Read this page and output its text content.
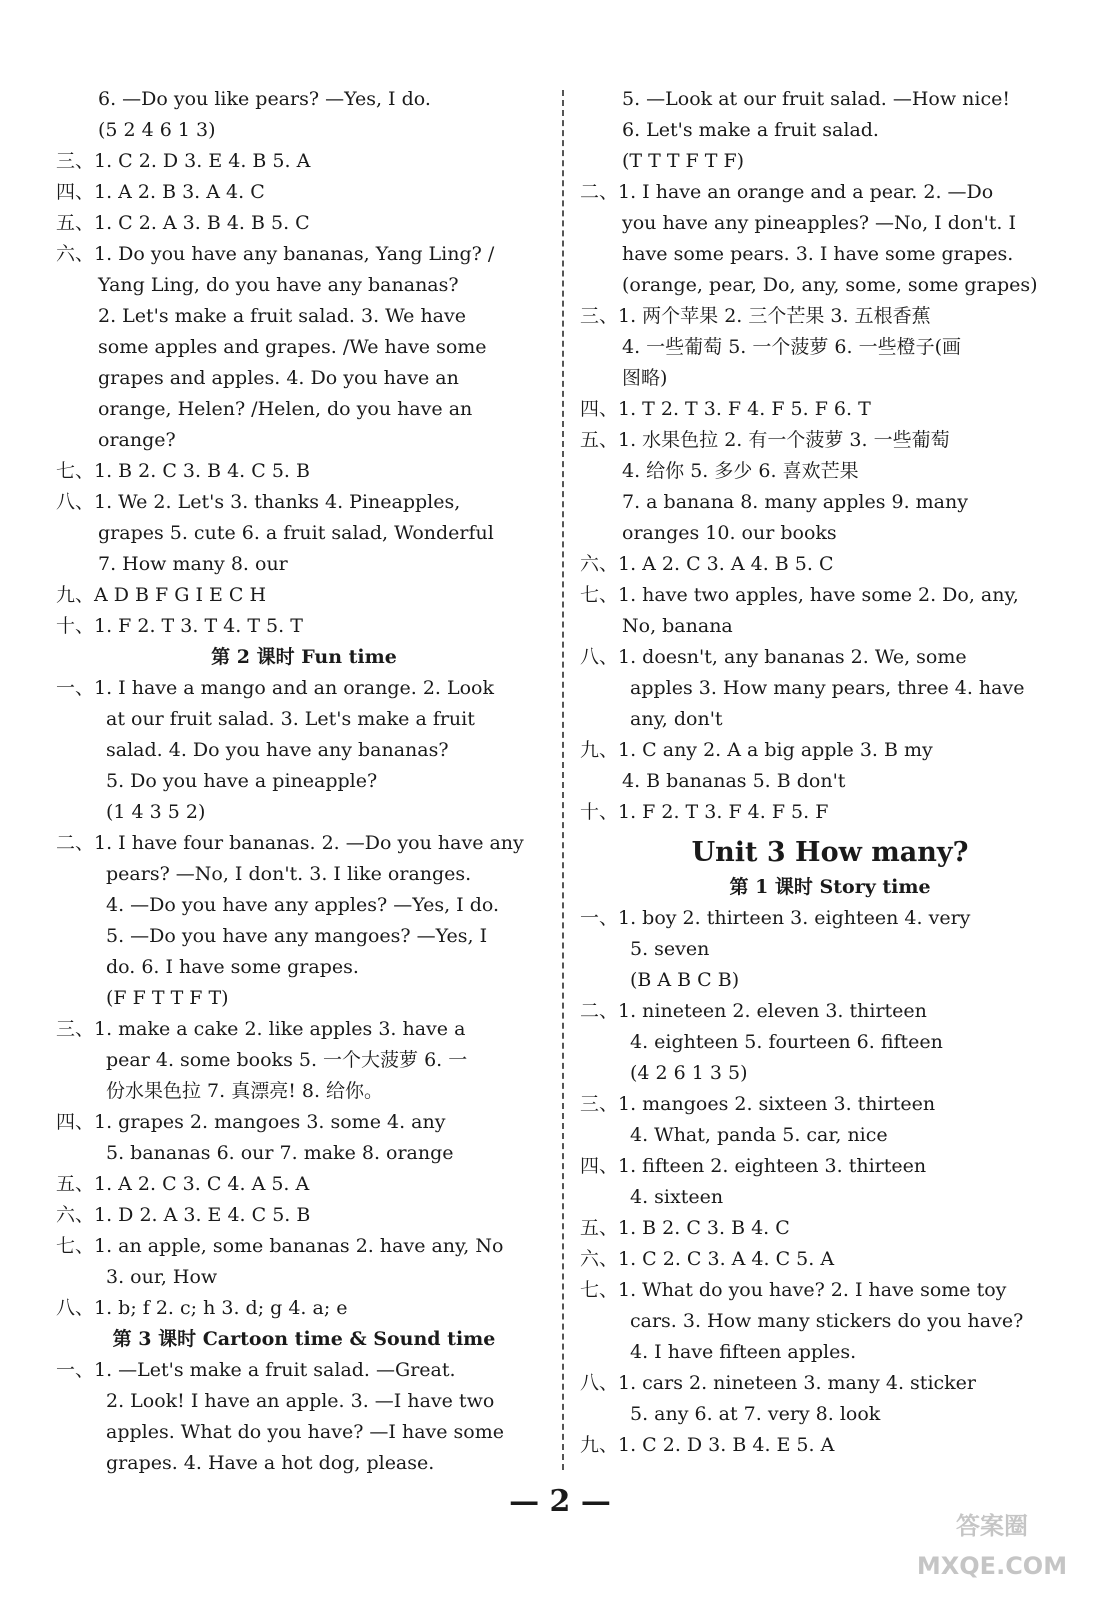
6. —Do you like pears? —Yes, I do.
(5 2 4 6 1 3)
三、1. C 2. D 3. E 4. B 5. A
四、1. A 2. B 3. A 4. C
五、1. C 2. A 3. B 4. B 5. C
六、1. Do you have any bananas, Yang Ling? /
Yang Ling, do you have any bananas?
2. Let's make a fruit salad. 3. We have
some apples and grapes. /We have some
grapes and apples. 4. Do you have an
orange, Helen? /Helen, do you have an
orange?
七、1. B 2. C 3. B 4. C 5. B
八、1. We 2. Let's 3. thanks 4. Pineapples,
grapes 5. cute 6. a fruit salad, Wonderful
7. How many 8. our
九、A D B F G I E C H
十、1. F 2. T 3. T 4. T 5. T
第 2 课时 Fun time
一、1. I have a mango and an orange. 2. Look
at our fruit salad. 3. Let's make a fruit
salad. 4. Do you have any bananas?
5. Do you have a pineapple?
(1 4 3 5 2)
二、1. I have four bananas. 2. —Do you have any
pears? —No, I don't. 3. I like oranges.
4. —Do you have any apples? —Yes, I do.
5. —Do you have any mangoes? —Yes, I
do. 6. I have some grapes.
(F F T T F T)
三、1. make a cake 2. like apples 3. have a
pear 4. some books 5. 一个大菠萝 6. 一
份水果色拉 7. 真漂亮! 8. 给你。
四、1. grapes 2. mangoes 3. some 4. any
5. bananas 6. our 7. make 8. orange
五、1. A 2. C 3. C 4. A 5. A
六、1. D 2. A 3. E 4. C 5. B
七、1. an apple, some bananas 2. have any, No
3. our, How
八、1. b; f 2. c; h 3. d; g 4. a; e
第 3 课时 Cartoon time & Sound time
一、1. —Let's make a fruit salad. —Great.
2. Look! I have an apple. 3. —I have two
apples. What do you have? —I have some
grapes. 4. Have a hot dog, please.
5. —Look at our fruit salad. —How nice!
6. Let's make a fruit salad.
(T T T F T F)
二、1. I have an orange and a pear. 2. —Do
you have any pineapples? —No, I don't. I
have some pears. 3. I have some grapes.
(orange, pear, Do, any, some, some grapes)
三、1. 两个苹果 2. 三个芒果 3. 五根香蕉
4. 一些葡萄 5. 一个菠萝 6. 一些橙子(画
图略)
四、1. T 2. T 3. F 4. F 5. F 6. T
五、1. 水果色拉 2. 有一个菠萝 3. 一些葡萄
4. 给你 5. 多少 6. 喜欢芒果
7. a banana 8. many apples 9. many
oranges 10. our books
六、1. A 2. C 3. A 4. B 5. C
七、1. have two apples, have some 2. Do, any,
No, banana
八、1. doesn't, any bananas 2. We, some
apples 3. How many pears, three 4. have
any, don't
九、1. C any 2. A a big apple 3. B my
4. B bananas 5. B don't
十、1. F 2. T 3. F 4. F 5. F
Unit 3 How many?
第 1 课时 Story time
一、1. boy 2. thirteen 3. eighteen 4. very
5. seven
(B A B C B)
二、1. nineteen 2. eleven 3. thirteen
4. eighteen 5. fourteen 6. fifteen
(4 2 6 1 3 5)
三、1. mangoes 2. sixteen 3. thirteen
4. What, panda 5. car, nice
四、1. fifteen 2. eighteen 3. thirteen
4. sixteen
五、1. B 2. C 3. B 4. C
六、1. C 2. C 3. A 4. C 5. A
七、1. What do you have? 2. I have some toy
cars. 3. How many stickers do you have?
4. I have fifteen apples.
八、1. cars 2. nineteen 3. many 4. sticker
5. any 6. at 7. very 8. look
九、1. C 2. D 3. B 4. E 5. A
— 2 —
答案圈
MXQE.COM
